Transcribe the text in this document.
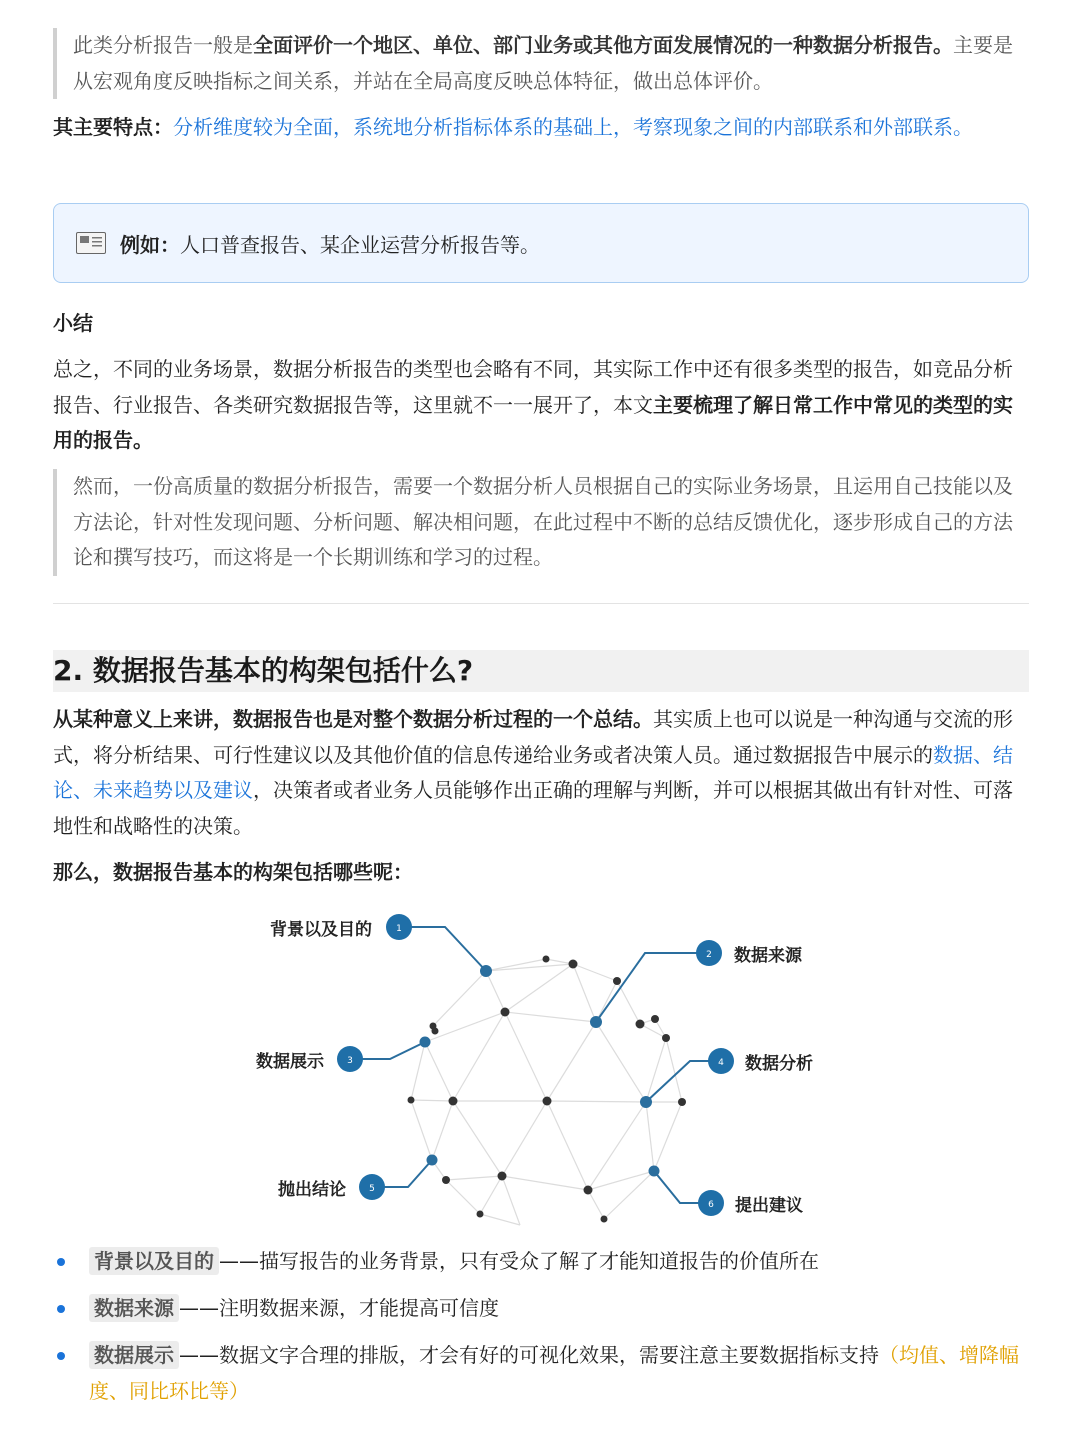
此类分析报告一般是全面评价一个地区、单位、部门业务或其他方面发展情况的一种数据分析报告。主要是从宏观角度反映指标之间关系，并站在全局高度反映总体特征，做出总体评价。

其主要特点：分析维度较为全面，系统地分析指标体系的基础上，考察现象之间的内部联系和外部联系。

例如： 人口普查报告、某企业运营分析报告等。

小结

总之，不同的业务场景，数据分析报告的类型也会略有不同，其实际工作中还有很多类型的报告，如竞品分析报告、行业报告、各类研究数据报告等，这里就不一一展开了，本文主要梳理了解日常工作中常见的类型的实用的报告。

然而，一份高质量的数据分析报告，需要一个数据分析人员根据自己的实际业务场景，且运用自己技能以及方法论，针对性发现问题、分析问题、解决相问题，在此过程中不断的总结反馈优化，逐步形成自己的方法论和撰写技巧，而这将是一个长期训练和学习的过程。
2. 数据报告基本的构架包括什么?

从某种意义上来讲，数据报告也是对整个数据分析过程的一个总结。其实质上也可以说是一种沟通与交流的形式，将分析结果、可行性建议以及其他价值的信息传递给业务或者决策人员。通过数据报告中展示的数据、结论、未来趋势以及建议，决策者或者业务人员能够作出正确的理解与判断，并可以根据其做出有针对性、可落地性和战略性的决策。

那么，数据报告基本的构架包括哪些呢：

1
背景以及目的
2 数据来源
3
数据展示	4 数据分析
5
抛出结论
6 提出建议
背景以及目的 ——描写报告的业务背景，只有受众了解了才能知道报告的价值所在
数据来源 ——注明数据来源，才能提高可信度
数据展示 ——数据文字合理的排版，才会有好的可视化效果，需要注意主要数据指标支持（均值、增降幅度、同比环比等）
